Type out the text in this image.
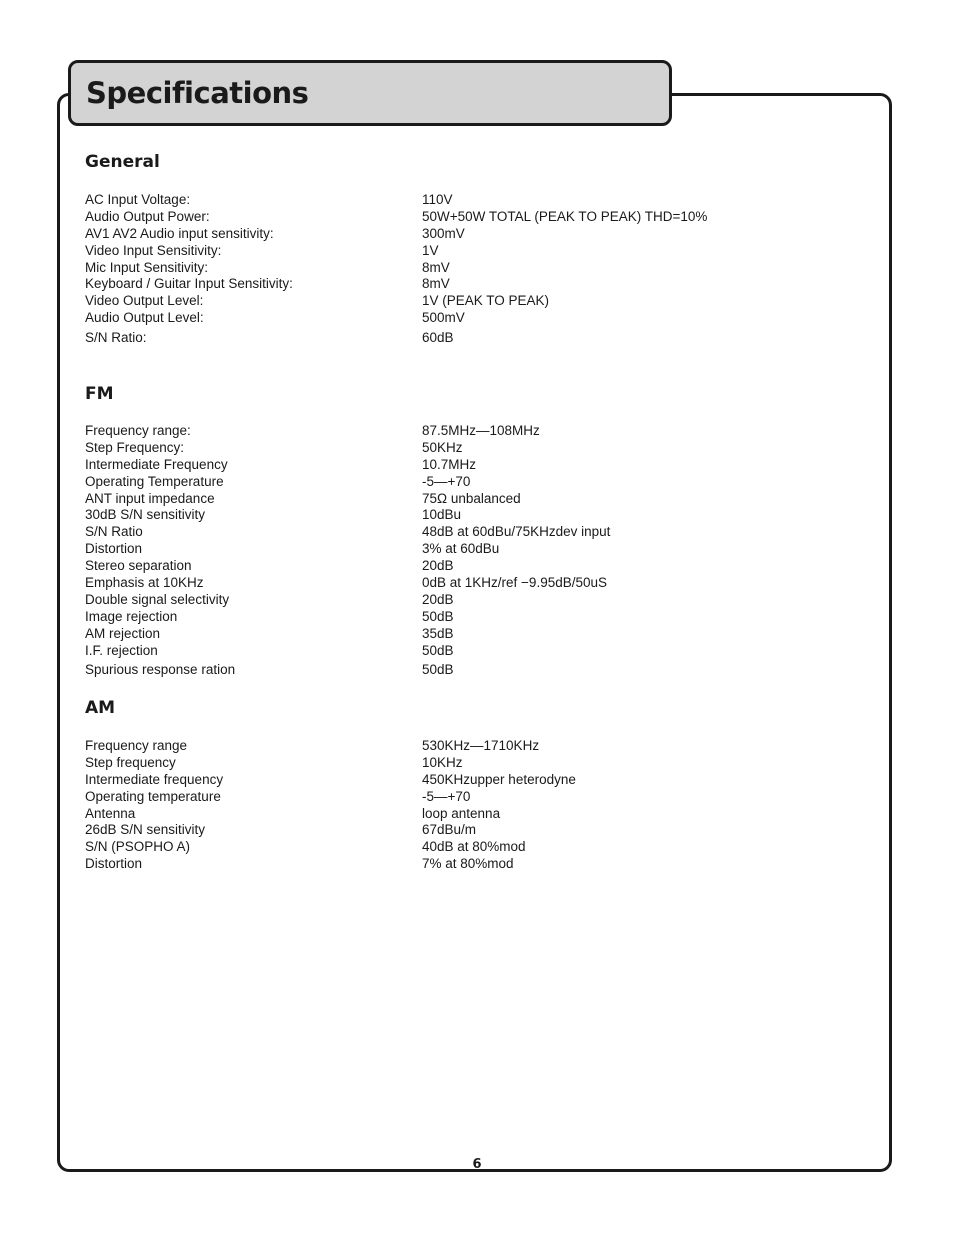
Specifications
General
AC Input Voltage:	110V
Audio Output Power:	50W+50W TOTAL (PEAK TO PEAK) THD=10%
AV1 AV2 Audio input sensitivity:	300mV
Video Input Sensitivity:	1V
Mic Input Sensitivity:	8mV
Keyboard / Guitar Input Sensitivity:	8mV
Video Output Level:	1V (PEAK TO PEAK)
Audio Output Level:	500mV
S/N Ratio:	60dB
FM
Frequency range:	87.5MHz—108MHz
Step Frequency:	50KHz
Intermediate Frequency	10.7MHz
Operating Temperature	-5—+70
ANT input impedance	75Ω unbalanced
30dB S/N sensitivity	10dBu
S/N Ratio	48dB at 60dBu/75KHzdev input
Distortion	3% at 60dBu
Stereo separation	20dB
Emphasis at 10KHz	0dB at 1KHz/ref −9.95dB/50uS
Double signal selectivity	20dB
Image rejection	50dB
AM rejection	35dB
I.F. rejection	50dB
Spurious response ration	50dB
AM
Frequency range	530KHz—1710KHz
Step frequency	10KHz
Intermediate frequency	450KHzupper heterodyne
Operating temperature	-5—+70
Antenna	loop antenna
26dB S/N sensitivity	67dBu/m
S/N (PSOPHO A)	40dB at 80%mod
Distortion	7% at 80%mod
6
